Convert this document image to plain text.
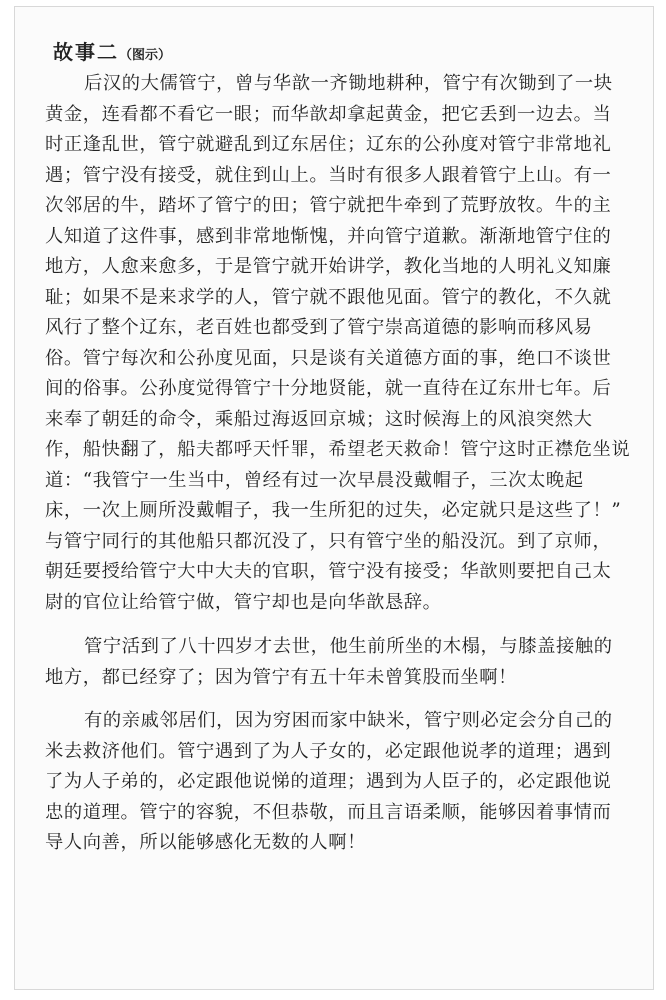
故事二（图示）
后汉的大儒管宁，曾与华歆一齐锄地耕种，管宁有次锄到了一块
黄金，连看都不看它一眼；而华歆却拿起黄金，把它丢到一边去。当
时正逢乱世，管宁就避乱到辽东居住；辽东的公孙度对管宁非常地礼
遇；管宁没有接受，就住到山上。当时有很多人跟着管宁上山。有一
次邻居的牛，踏坏了管宁的田；管宁就把牛牵到了荒野放牧。牛的主
人知道了这件事，感到非常地惭愧，并向管宁道歉。渐渐地管宁住的
地方，人愈来愈多，于是管宁就开始讲学，教化当地的人明礼义知廉
耻；如果不是来求学的人，管宁就不跟他见面。管宁的教化，不久就
风行了整个辽东，老百姓也都受到了管宁崇高道德的影响而移风易
俗。管宁每次和公孙度见面，只是谈有关道德方面的事，绝口不谈世
间的俗事。公孙度觉得管宁十分地贤能，就一直待在辽东卅七年。后
来奉了朝廷的命令，乘船过海返回京城；这时候海上的风浪突然大
作，船快翻了，船夫都呼天忏罪，希望老天救命！管宁这时正襟危坐说
道：“我管宁一生当中，曾经有过一次早晨没戴帽子，三次太晚起
床，一次上厕所没戴帽子，我一生所犯的过失，必定就只是这些了！”
与管宁同行的其他船只都沉没了，只有管宁坐的船没沉。到了京师，
朝廷要授给管宁大中大夫的官职，管宁没有接受；华歆则要把自己太
尉的官位让给管宁做，管宁却也是向华歆恳辞。
管宁活到了八十四岁才去世，他生前所坐的木榻，与膝盖接触的
地方，都已经穿了；因为管宁有五十年未曾箕股而坐啊！
有的亲戚邻居们，因为穷困而家中缺米，管宁则必定会分自己的
米去救济他们。管宁遇到了为人子女的，必定跟他说孝的道理；遇到
了为人子弟的，必定跟他说悌的道理；遇到为人臣子的，必定跟他说
忠的道理。管宁的容貌，不但恭敬，而且言语柔顺，能够因着事情而
导人向善，所以能够感化无数的人啊！
